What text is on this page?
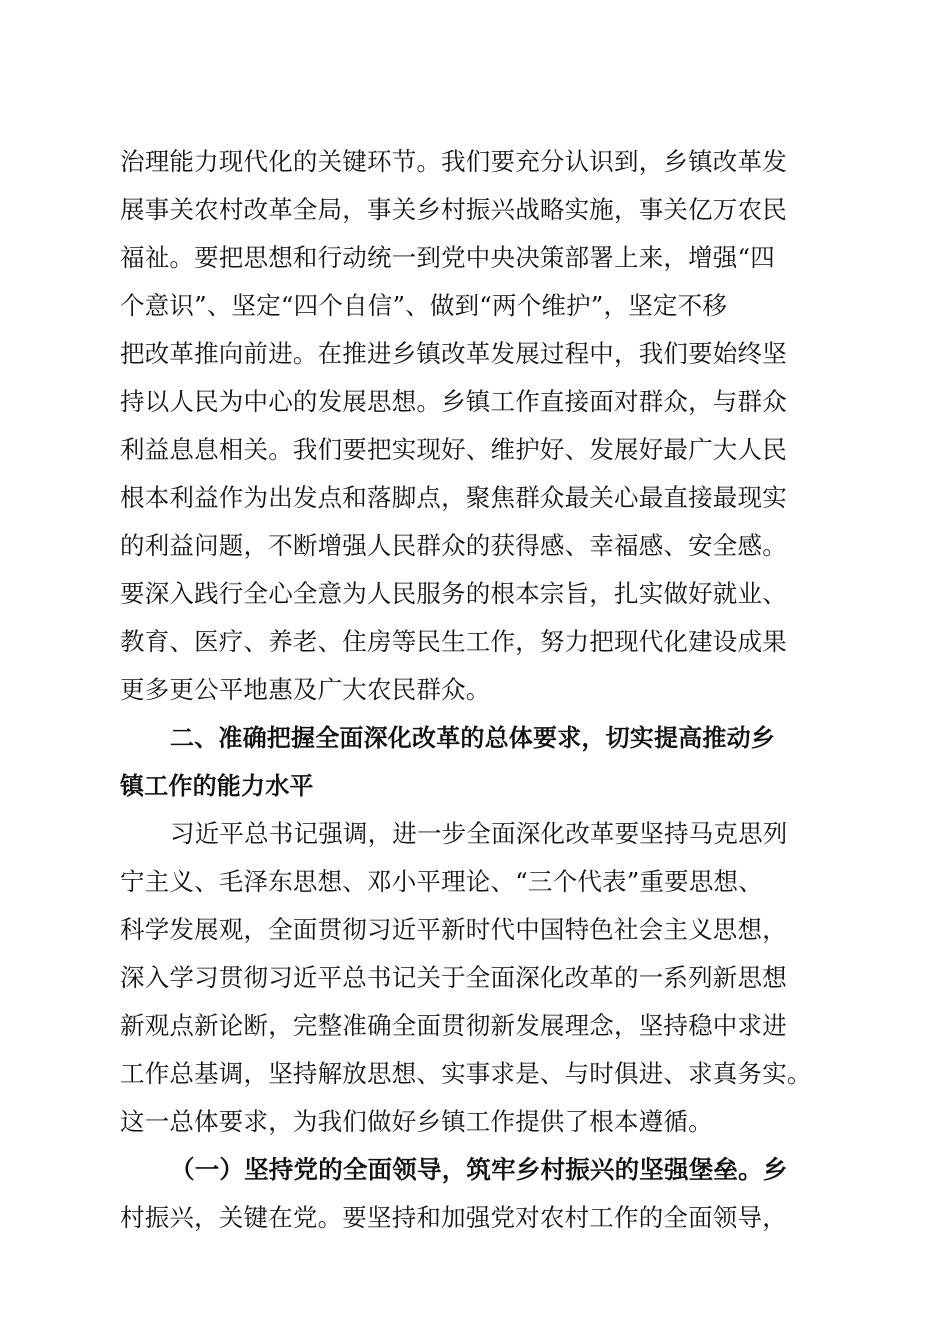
治理能力现代化的关键环节。我们要充分认识到，乡镇改革发
展事关农村改革全局，事关乡村振兴战略实施，事关亿万农民
福祉。要把思想和行动统一到党中央决策部署上来，增强“四
个意识”、坚定“四个自信”、做到“两个维护”，坚定不移
把改革推向前进。在推进乡镇改革发展过程中，我们要始终坚
持以人民为中心的发展思想。乡镇工作直接面对群众，与群众
利益息息相关。我们要把实现好、维护好、发展好最广大人民
根本利益作为出发点和落脚点，聚焦群众最关心最直接最现实
的利益问题，不断增强人民群众的获得感、幸福感、安全感。
要深入践行全心全意为人民服务的根本宗旨，扎实做好就业、
教育、医疗、养老、住房等民生工作，努力把现代化建设成果
更多更公平地惠及广大农民群众。
二、准确把握全面深化改革的总体要求，切实提高推动乡
镇工作的能力水平
习近平总书记强调，进一步全面深化改革要坚持马克思列
宁主义、毛泽东思想、邓小平理论、“三个代表”重要思想、
科学发展观，全面贯彻习近平新时代中国特色社会主义思想，
深入学习贯彻习近平总书记关于全面深化改革的一系列新思想
新观点新论断，完整准确全面贯彻新发展理念，坚持稳中求进
工作总基调，坚持解放思想、实事求是、与时俱进、求真务实。
这一总体要求，为我们做好乡镇工作提供了根本遵循。
（一）坚持党的全面领导，筑牢乡村振兴的坚强堡垒。乡
村振兴，关键在党。要坚持和加强党对农村工作的全面领导，
